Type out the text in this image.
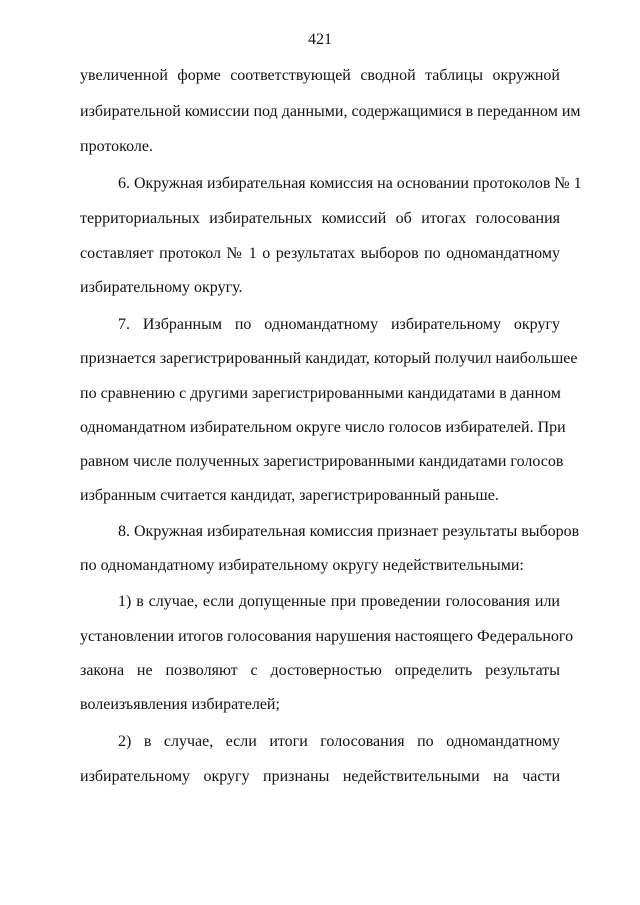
421
увеличенной форме соответствующей сводной таблицы окружной
избирательной комиссии под данными, содержащимися в переданном им
протоколе.
6. Окружная избирательная комиссия на основании протоколов № 1
территориальных избирательных комиссий об итогах голосования
составляет протокол № 1 о результатах выборов по одномандатному
избирательному округу.
7. Избранным по одномандатному избирательному округу
признается зарегистрированный кандидат, который получил наибольшее
по сравнению с другими зарегистрированными кандидатами в данном
одномандатном избирательном округе число голосов избирателей. При
равном числе полученных зарегистрированными кандидатами голосов
избранным считается кандидат, зарегистрированный раньше.
8. Окружная избирательная комиссия признает результаты выборов
по одномандатному избирательному округу недействительными:
1) в случае, если допущенные при проведении голосования или
установлении итогов голосования нарушения настоящего Федерального
закона не позволяют с достоверностью определить результаты
волеизъявления избирателей;
2) в случае, если итоги голосования по одномандатному
избирательному округу признаны недействительными на части
